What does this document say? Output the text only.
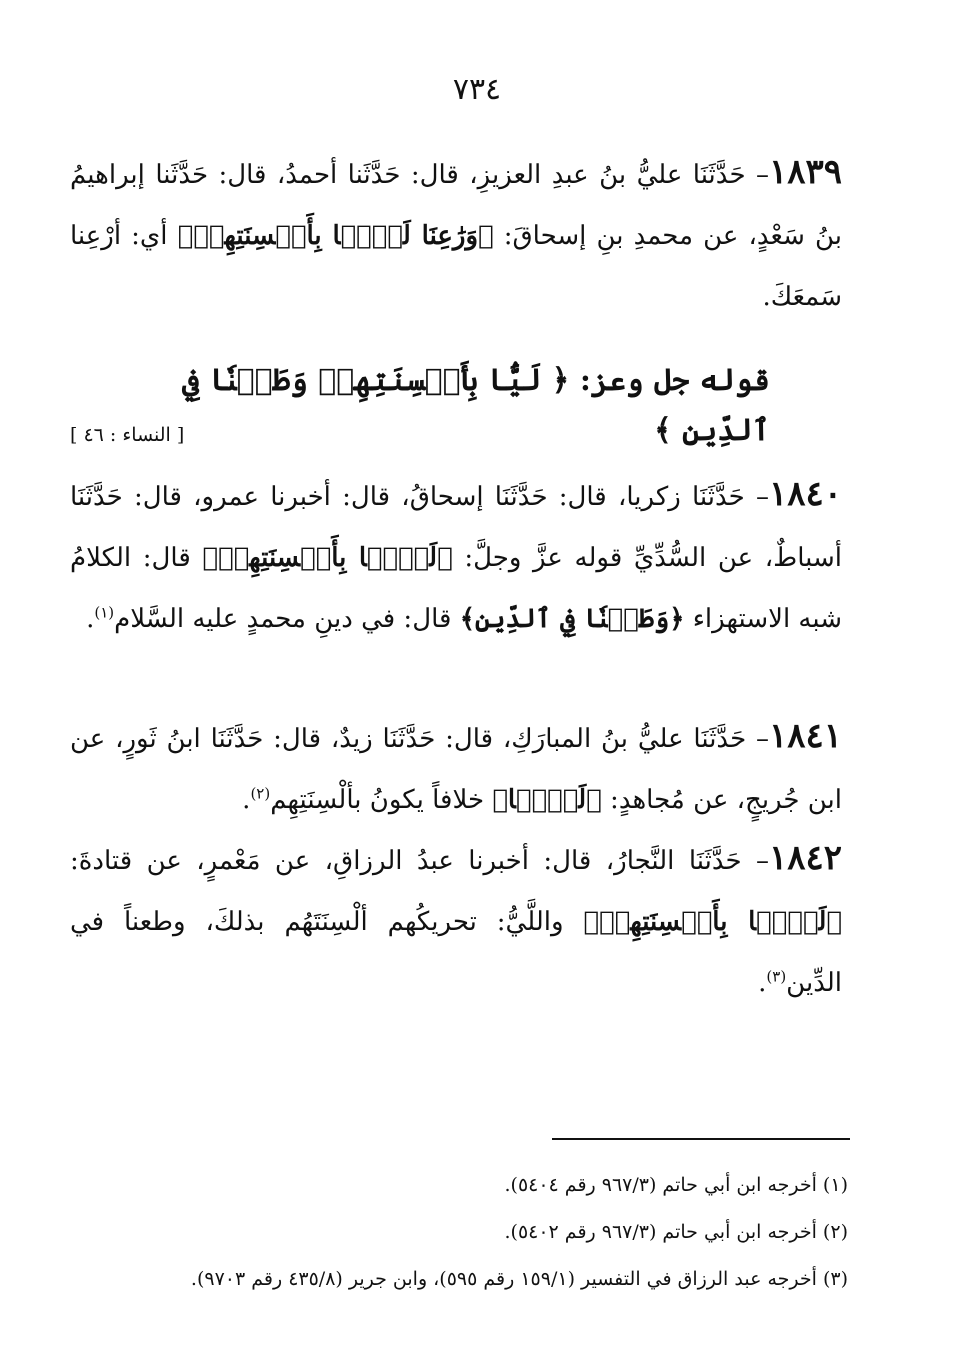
٧٣٤
١٨٣٩– حَدَّثَنَا عليُّ بنُ عبدِ العزيزِ، قال: حَدَّثَنا أحمدُ، قال: حَدَّثَنا إبراهيمُ بنُ سَعْدٍ، عن محمدِ بنِ إسحاقَ: ﴿وَرَٰعِنَا لَيَّۢا بِأَلۡسِنَتِهِمۡ﴾ أي: أرْعِنا سَمعَكَ.
قوله جل وعز: ﴿ لَيَّۢا بِأَلۡسِنَتِهِمۡ وَطَعۡنٗا فِي ٱلدِّينِ ﴾
[ النساء : ٤٦ ]
١٨٤٠– حَدَّثَنَا زكريا، قال: حَدَّثَنَا إسحاقُ، قال: أخبرنا عمرو، قال: حَدَّثَنَا أسباطٌ، عن السُّدِّيِّ قوله عزَّ وجلَّ: ﴿لَيَّۢا بِأَلۡسِنَتِهِمۡ﴾ قال: الكلامُ شبه الاستهزاء ﴿وَطَعۡنٗا فِي ٱلدِّينِ﴾ قال: في دينِ محمدٍ عليه السَّلام$^{(١)}$.
١٨٤١– حَدَّثَنَا عليُّ بنُ المبارَكِ، قال: حَدَّثَنَا زيدٌ، قال: حَدَّثَنَا ابنُ ثَورٍ، عن ابن جُريجٍ، عن مُجاهدٍ: ﴿لَيَّۢا﴾ خلافاً يكونُ بألْسِنَتِهِم$^{(٢)}$.
١٨٤٢– حَدَّثَنَا النَّجارُ، قال: أخبرنا عبدُ الرزاقِ، عن مَعْمرٍ، عن قتادةَ: ﴿لَيَّۢا بِأَلۡسِنَتِهِمۡ﴾ واللَّيُّ: تحريكُهم ألْسِنَتَهُم بذلكَ، وطعناً في الدِّين$^{(٣)}$.
(١) أخرجه ابن أبي حاتم (٩٦٧/٣ رقم ٥٤٠٤).
(٢) أخرجه ابن أبي حاتم (٩٦٧/٣ رقم ٥٤٠٢).
(٣) أخرجه عبد الرزاق في التفسير (١٥٩/١ رقم ٥٩٥)، وابن جرير (٤٣٥/٨ رقم ٩٧٠٣).
